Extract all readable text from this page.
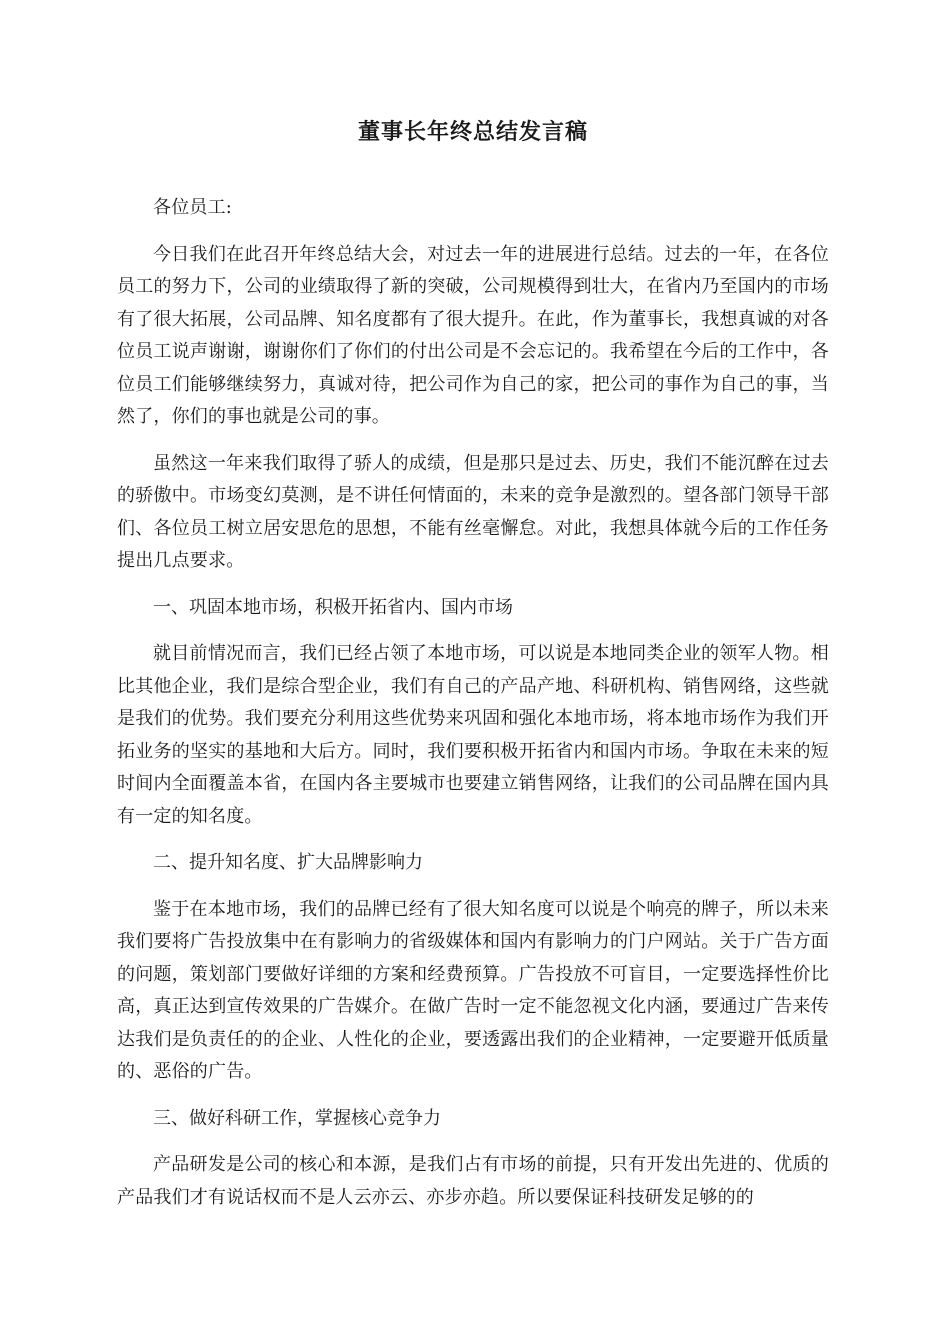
董事长年终总结发言稿
各位员工:
今日我们在此召开年终总结大会，对过去一年的进展进行总结。过去的一年，在各位员工的努力下，公司的业绩取得了新的突破，公司规模得到壮大，在省内乃至国内的市场有了很大拓展，公司品牌、知名度都有了很大提升。在此，作为董事长，我想真诚的对各位员工说声谢谢，谢谢你们了你们的付出公司是不会忘记的。我希望在今后的工作中，各位员工们能够继续努力，真诚对待，把公司作为自己的家，把公司的事作为自己的事，当然了，你们的事也就是公司的事。
虽然这一年来我们取得了骄人的成绩，但是那只是过去、历史，我们不能沉醉在过去的骄傲中。市场变幻莫测，是不讲任何情面的，未来的竞争是激烈的。望各部门领导干部们、各位员工树立居安思危的思想，不能有丝毫懈怠。对此，我想具体就今后的工作任务提出几点要求。
一、巩固本地市场，积极开拓省内、国内市场
就目前情况而言，我们已经占领了本地市场，可以说是本地同类企业的领军人物。相比其他企业，我们是综合型企业，我们有自己的产品产地、科研机构、销售网络，这些就是我们的优势。我们要充分利用这些优势来巩固和强化本地市场，将本地市场作为我们开拓业务的坚实的基地和大后方。同时，我们要积极开拓省内和国内市场。争取在未来的短时间内全面覆盖本省，在国内各主要城市也要建立销售网络，让我们的公司品牌在国内具有一定的知名度。
二、提升知名度、扩大品牌影响力
鉴于在本地市场，我们的品牌已经有了很大知名度可以说是个响亮的牌子，所以未来我们要将广告投放集中在有影响力的省级媒体和国内有影响力的门户网站。关于广告方面的问题，策划部门要做好详细的方案和经费预算。广告投放不可盲目，一定要选择性价比高，真正达到宣传效果的广告媒介。在做广告时一定不能忽视文化内涵，要通过广告来传达我们是负责任的的企业、人性化的企业，要透露出我们的企业精神，一定要避开低质量的、恶俗的广告。
三、做好科研工作，掌握核心竞争力
产品研发是公司的核心和本源，是我们占有市场的前提，只有开发出先进的、优质的产品我们才有说话权而不是人云亦云、亦步亦趋。所以要保证科技研发足够的的
